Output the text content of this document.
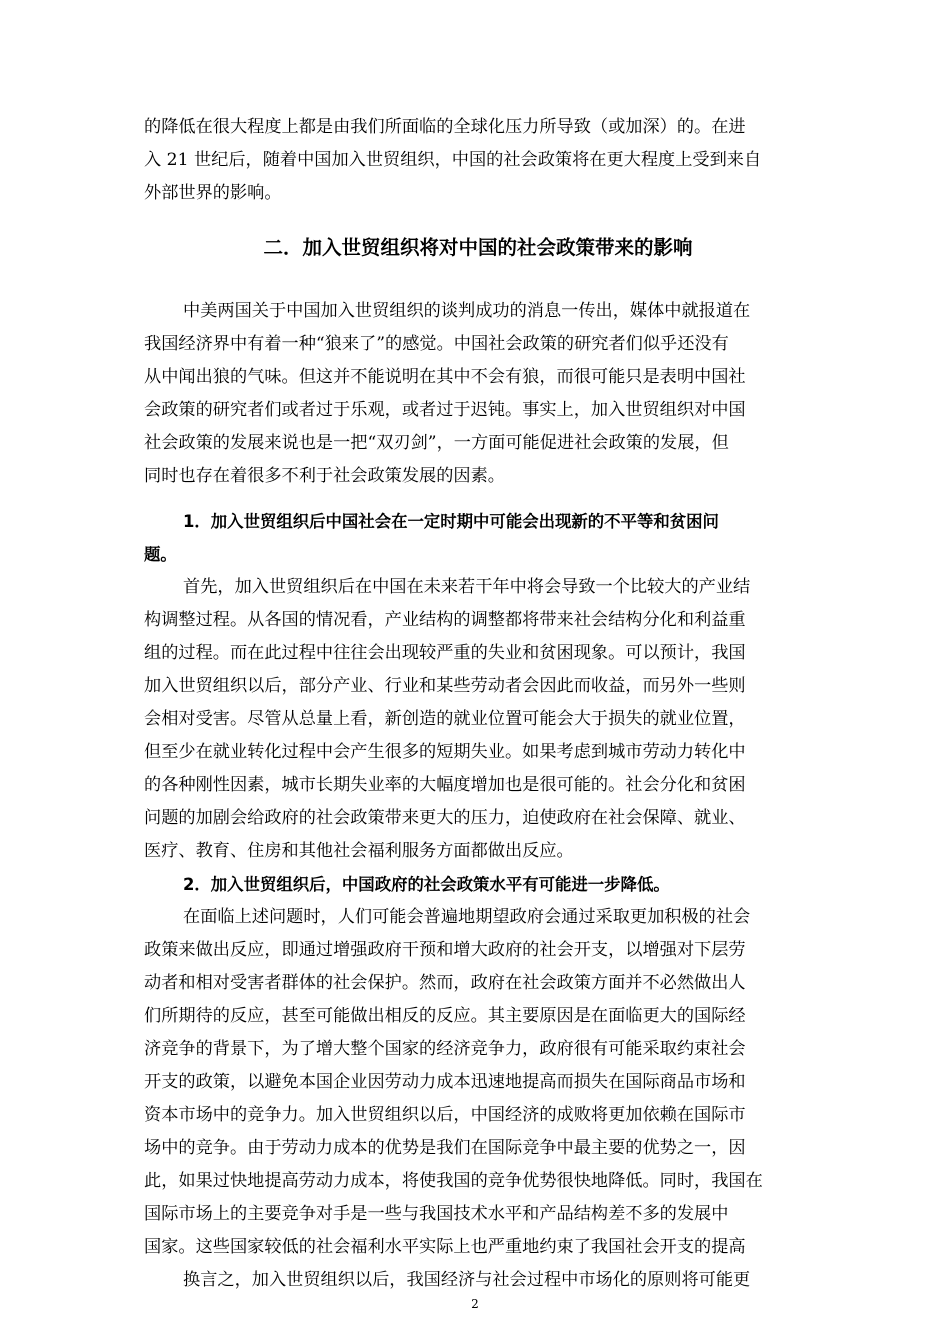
的降低在很大程度上都是由我们所面临的全球化压力所导致（或加深）的。在进
入 21 世纪后，随着中国加入世贸组织，中国的社会政策将在更大程度上受到来自
外部世界的影响。
二．加入世贸组织将对中国的社会政策带来的影响
中美两国关于中国加入世贸组织的谈判成功的消息一传出，媒体中就报道在
我国经济界中有着一种“狼来了”的感觉。中国社会政策的研究者们似乎还没有
从中闻出狼的气味。但这并不能说明在其中不会有狼，而很可能只是表明中国社
会政策的研究者们或者过于乐观，或者过于迟钝。事实上，加入世贸组织对中国
社会政策的发展来说也是一把“双刃剑”，一方面可能促进社会政策的发展，但
同时也存在着很多不利于社会政策发展的因素。
1．加入世贸组织后中国社会在一定时期中可能会出现新的不平等和贫困问
题。
首先，加入世贸组织后在中国在未来若干年中将会导致一个比较大的产业结
构调整过程。从各国的情况看，产业结构的调整都将带来社会结构分化和利益重
组的过程。而在此过程中往往会出现较严重的失业和贫困现象。可以预计，我国
加入世贸组织以后，部分产业、行业和某些劳动者会因此而收益，而另外一些则
会相对受害。尽管从总量上看，新创造的就业位置可能会大于损失的就业位置，
但至少在就业转化过程中会产生很多的短期失业。如果考虑到城市劳动力转化中
的各种刚性因素，城市长期失业率的大幅度增加也是很可能的。社会分化和贫困
问题的加剧会给政府的社会政策带来更大的压力，迫使政府在社会保障、就业、
医疗、教育、住房和其他社会福利服务方面都做出反应。
2．加入世贸组织后，中国政府的社会政策水平有可能进一步降低。
在面临上述问题时，人们可能会普遍地期望政府会通过采取更加积极的社会
政策来做出反应，即通过增强政府干预和增大政府的社会开支，以增强对下层劳
动者和相对受害者群体的社会保护。然而，政府在社会政策方面并不必然做出人
们所期待的反应，甚至可能做出相反的反应。其主要原因是在面临更大的国际经
济竞争的背景下，为了增大整个国家的经济竞争力，政府很有可能采取约束社会
开支的政策，以避免本国企业因劳动力成本迅速地提高而损失在国际商品市场和
资本市场中的竞争力。加入世贸组织以后，中国经济的成败将更加依赖在国际市
场中的竞争。由于劳动力成本的优势是我们在国际竞争中最主要的优势之一，因
此，如果过快地提高劳动力成本，将使我国的竞争优势很快地降低。同时，我国在
国际市场上的主要竞争对手是一些与我国技术水平和产品结构差不多的发展中
国家。这些国家较低的社会福利水平实际上也严重地约束了我国社会开支的提高
换言之，加入世贸组织以后，我国经济与社会过程中市场化的原则将可能更
2
